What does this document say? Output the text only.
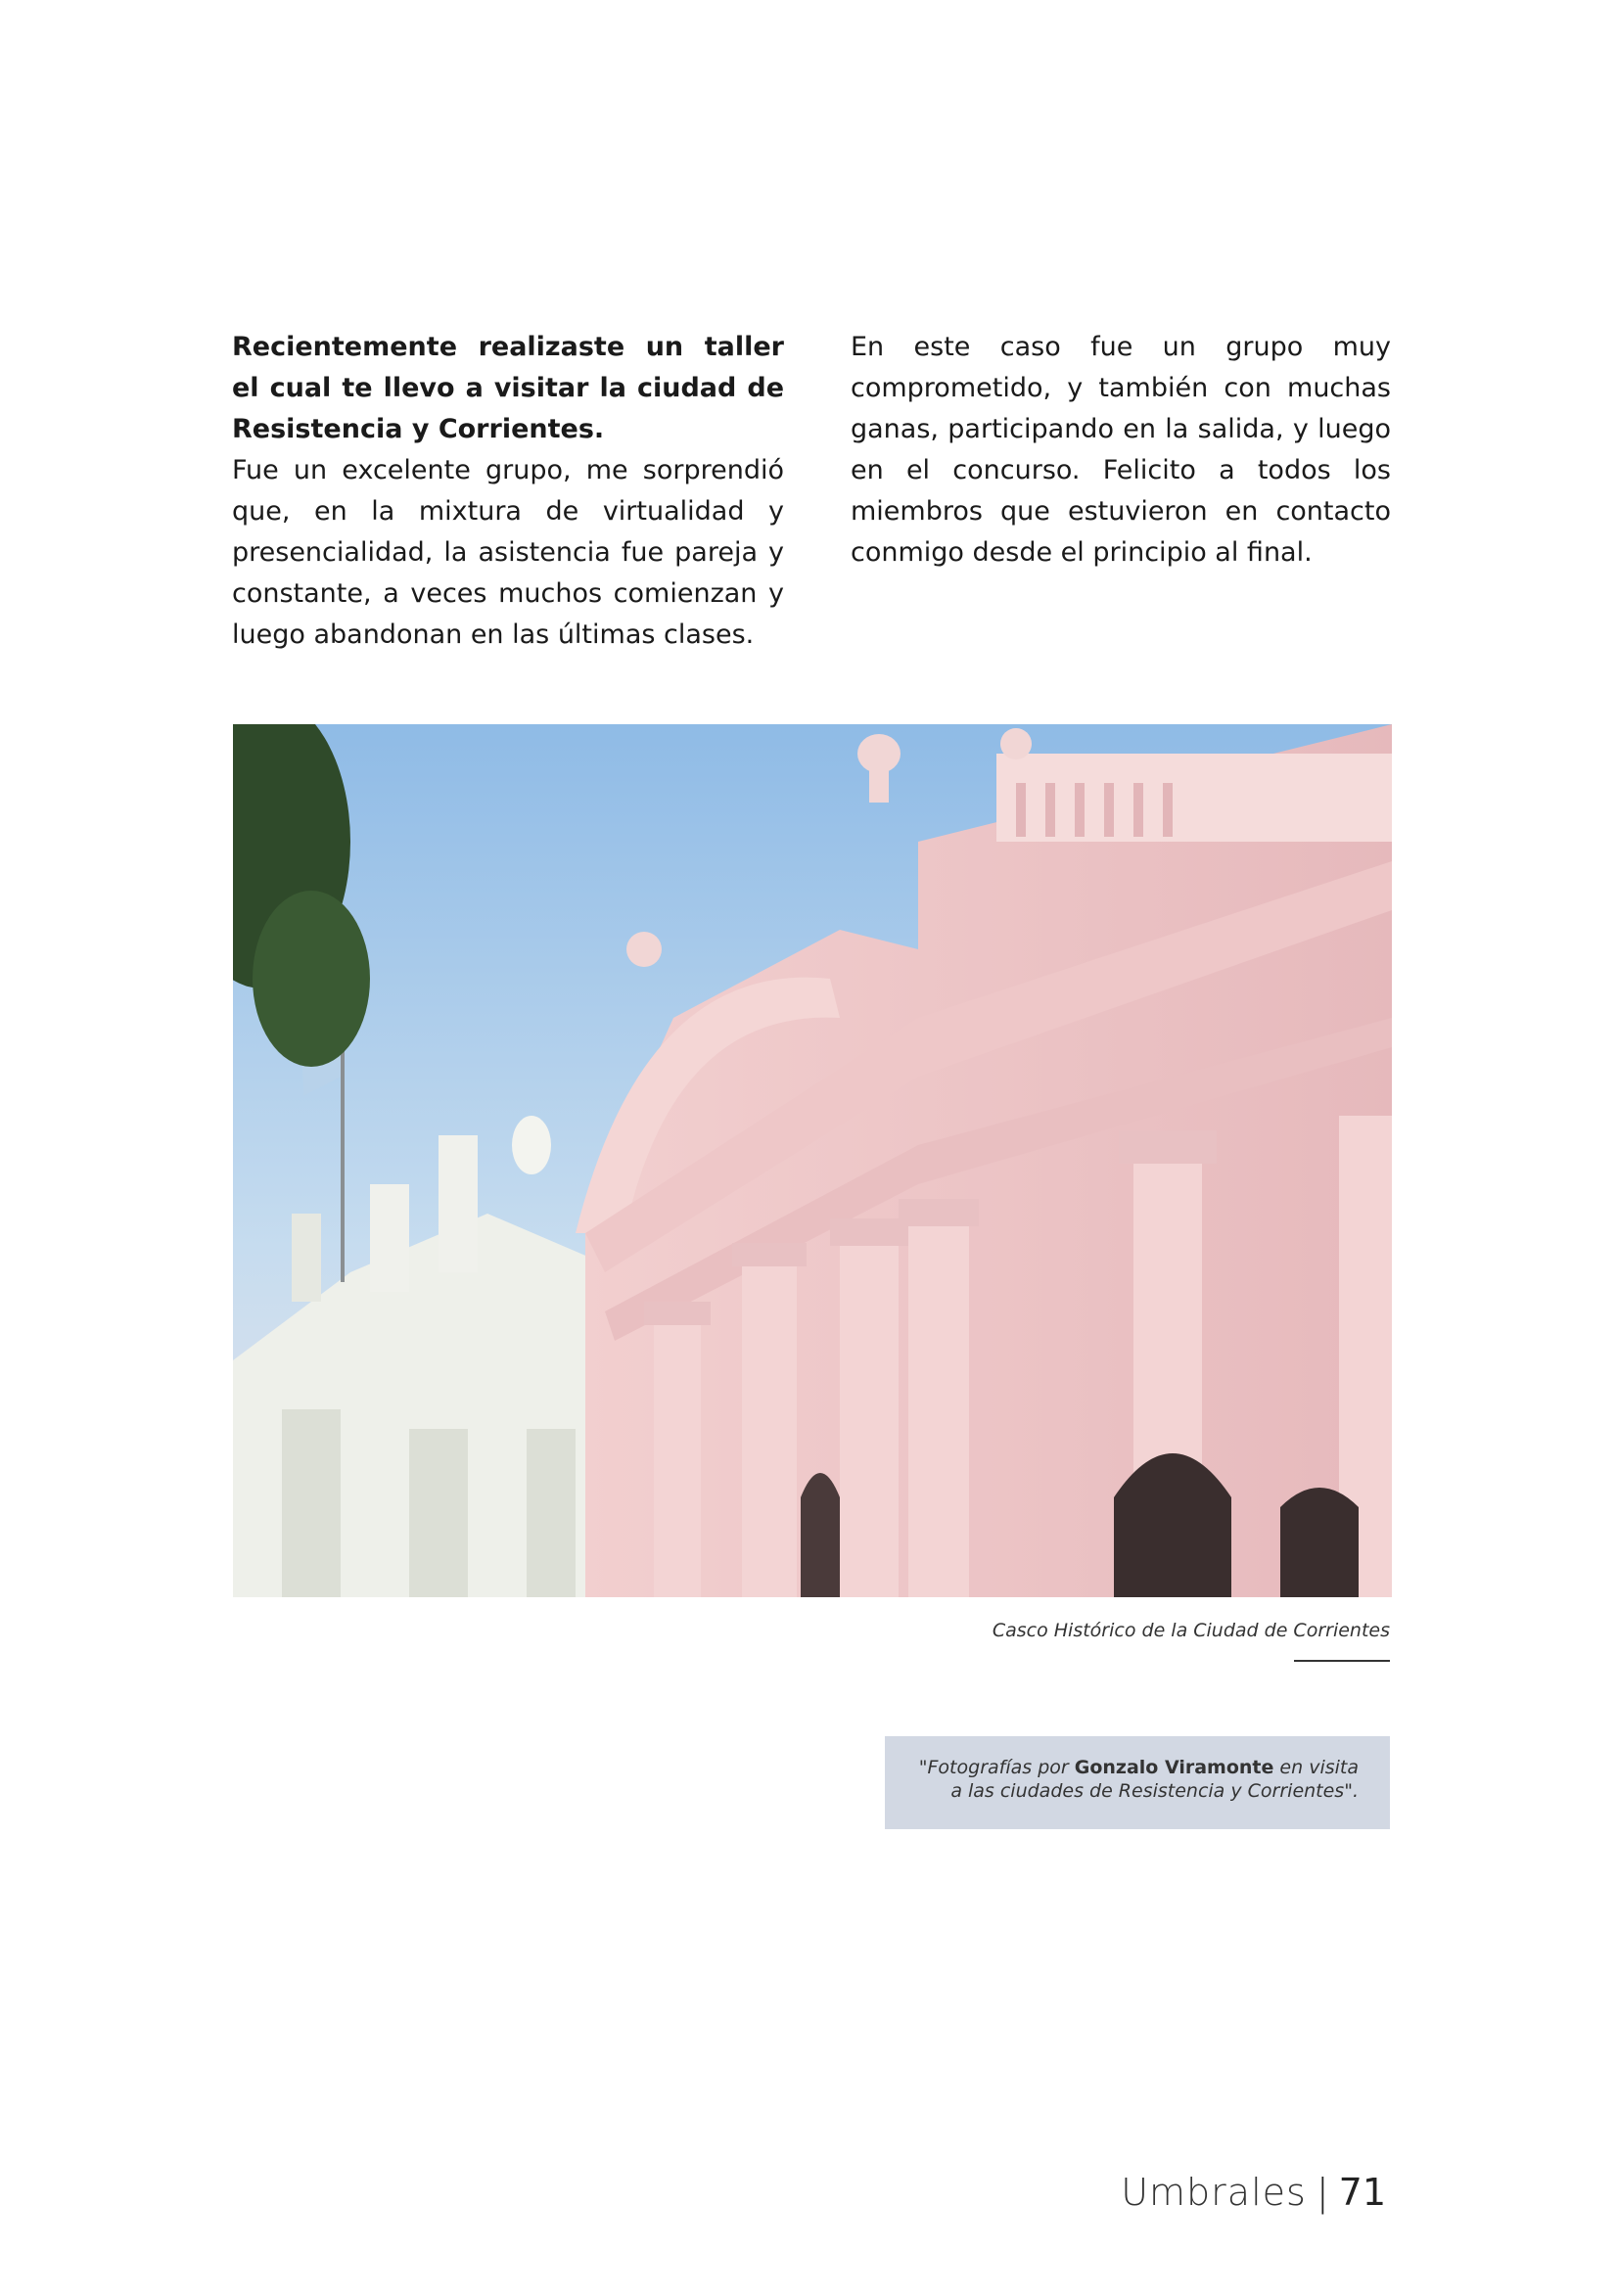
Recientemente realizaste un taller el cual te llevo a visitar la ciudad de Resistencia y Corrientes.

Fue un excelente grupo, me sorprendió que, en la mixtura de virtualidad y presencialidad, la asistencia fue pareja y constante, a veces muchos comienzan y luego abandonan en las últimas clases.

En este caso fue un grupo muy comprometido, y también con muchas ganas, participando en la salida, y luego en el concurso. Felicito a todos los miembros que estuvieron en contacto conmigo desde el principio al final.

Casco Histórico de la Ciudad de Corrientes
"Fotografías por Gonzalo Viramonte en visita a las ciudades de Resistencia y Corrientes".
Umbrales | 71
